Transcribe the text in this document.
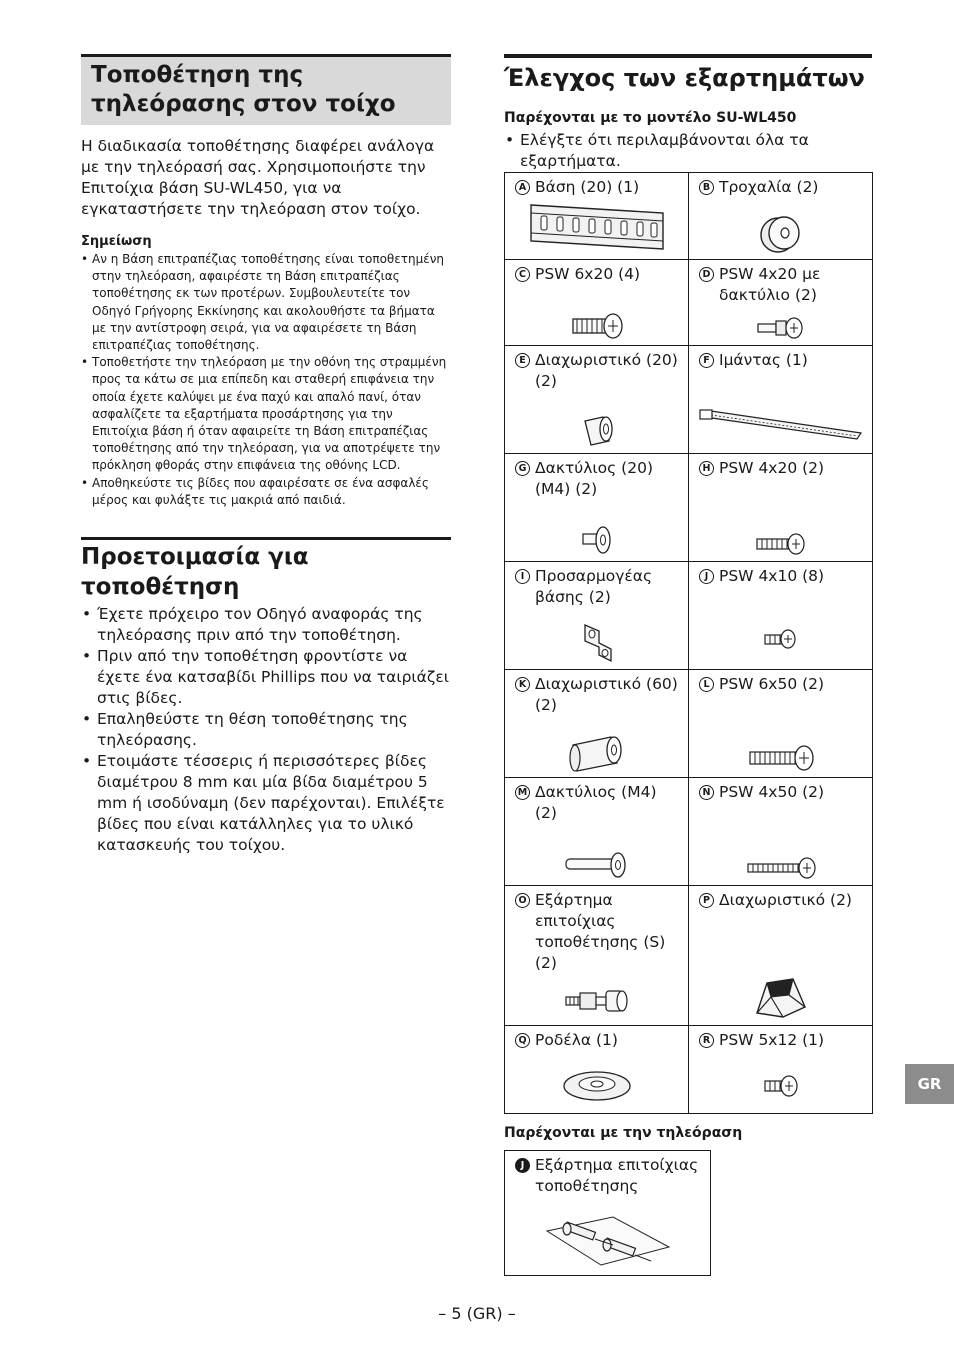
Τοποθέτηση της τηλεόρασης στον τοίχο

Η διαδικασία τοποθέτησης διαφέρει ανάλογα με την τηλεόρασή σας. Χρησιμοποιήστε την Επιτοίχια βάση SU-WL450, για να εγκαταστήσετε την τηλεόραση στον τοίχο.

Σημείωση

• Αν η Βάση επιτραπέζιας τοποθέτησης είναι τοποθετημένη στην τηλεόραση, αφαιρέστε τη Βάση επιτραπέζιας τοποθέτησης εκ των προτέρων. Συμβουλευτείτε τον Οδηγό Γρήγορης Εκκίνησης και ακολουθήστε τα βήματα με την αντίστροφη σειρά, για να αφαιρέσετε τη Βάση επιτραπέζιας τοποθέτησης.
• Τοποθετήστε την τηλεόραση με την οθόνη της στραμμένη προς τα κάτω σε μια επίπεδη και σταθερή επιφάνεια την οποία έχετε καλύψει με ένα παχύ και απαλό πανί, όταν ασφαλίζετε τα εξαρτήματα προσάρτησης για την Επιτοίχια βάση ή όταν αφαιρείτε τη Βάση επιτραπέζιας τοποθέτησης από την τηλεόραση, για να αποτρέψετε την πρόκληση φθοράς στην επιφάνεια της οθόνης LCD.
• Αποθηκεύστε τις βίδες που αφαιρέσατε σε ένα ασφαλές μέρος και φυλάξτε τις μακριά από παιδιά.
Προετοιμασία για τοποθέτηση
• Έχετε πρόχειρο τον Οδηγό αναφοράς της τηλεόρασης πριν από την τοποθέτηση.
• Πριν από την τοποθέτηση φροντίστε να έχετε ένα κατσαβίδι Phillips που να ταιριάζει στις βίδες.
• Επαληθεύστε τη θέση τοποθέτησης της τηλεόρασης.
• Ετοιμάστε τέσσερις ή περισσότερες βίδες διαμέτρου 8 mm και μία βίδα διαμέτρου 5 mm ή ισοδύναμη (δεν παρέχονται). Επιλέξτε βίδες που είναι κατάλληλες για το υλικό κατασκευής του τοίχου.
Έλεγχος των εξαρτημάτων

Παρέχονται με το μοντέλο SU-WL450

• Ελέγξτε ότι περιλαμβάνονται όλα τα εξαρτήματα.

A Βάση (20) (1)	B Τροχαλία (2)

C PSW 6x20 (4)	D PSW 4x20 με δακτύλιο (2)

E Διαχωριστικό (20) (2)	F Ιμάντας (1)

G Δακτύλιος (20) (M4) (2)	H PSW 4x20 (2)

I Προσαρμογέας βάσης (2)	J PSW 4x10 (8)

K Διαχωριστικό (60) (2)	L PSW 6x50 (2)

M Δακτύλιος (M4) (2)	N PSW 4x50 (2)

O Εξάρτημα επιτοίχιας τοποθέτησης (S) (2)	P Διαχωριστικό (2)

Q Ροδέλα (1)	R PSW 5x12 (1)

Παρέχονται με την τηλεόραση

J Εξάρτημα επιτοίχιας τοποθέτησης
GR
– 5 (GR) –
